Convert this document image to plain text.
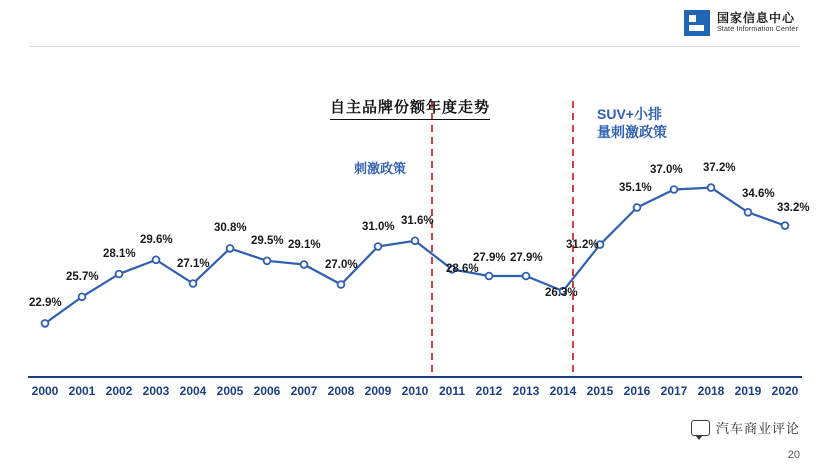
国家信息中心
State Information Center
自主品牌份额年度走势
刺激政策
SUV+小排
量刺激政策
22.9%
25.7%
28.1%
29.6%
27.1%
30.8%
29.5% 29.1%
27.0%
31.0% 31.6%
28.6%
27.9% 27.9%
26.3%
31.2%
35.1%
37.0% 37.2%
34.6%
33.2%
2000 2001 2002 2003 2004 2005 2006 2007 2008 2009 2010 2011 2012 2013 2014 2015 2016 2017 2018 2019 2020
汽车商业评论
20
